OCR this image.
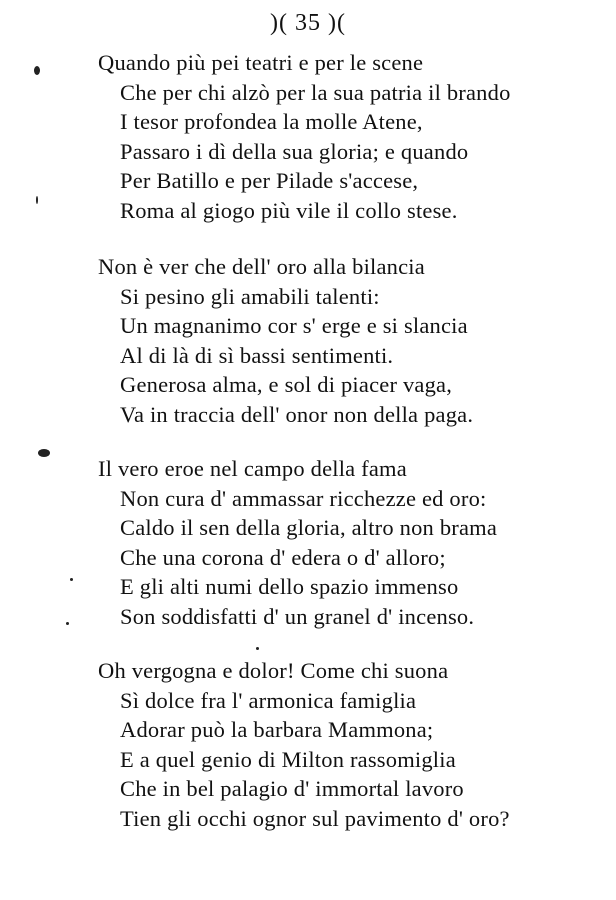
)( 35 )(
Quando più pei teatri e per le scene
Che per chi alzò per la sua patria il brando
I tesor profondea la molle Atene,
Passaro i dì della sua gloria; e quando
Per Batillo e per Pilade s'accese,
Roma al giogo più vile il collo stese.
Non è ver che dell' oro alla bilancia
Si pesino gli amabili talenti:
Un magnanimo cor s' erge e si slancia
Al di là di sì bassi sentimenti.
Generosa alma, e sol di piacer vaga,
Va in traccia dell' onor non della paga.
Il vero eroe nel campo della fama
Non cura d' ammassar ricchezze ed oro:
Caldo il sen della gloria, altro non brama
Che una corona d' edera o d' alloro;
E gli alti numi dello spazio immenso
Son soddisfatti d' un granel d' incenso.
Oh vergogna e dolor! Come chi suona
Sì dolce fra l' armonica famiglia
Adorar può la barbara Mammona;
E a quel genio di Milton rassomiglia
Che in bel palagio d' immortal lavoro
Tien gli occhi ognor sul pavimento d' oro?
